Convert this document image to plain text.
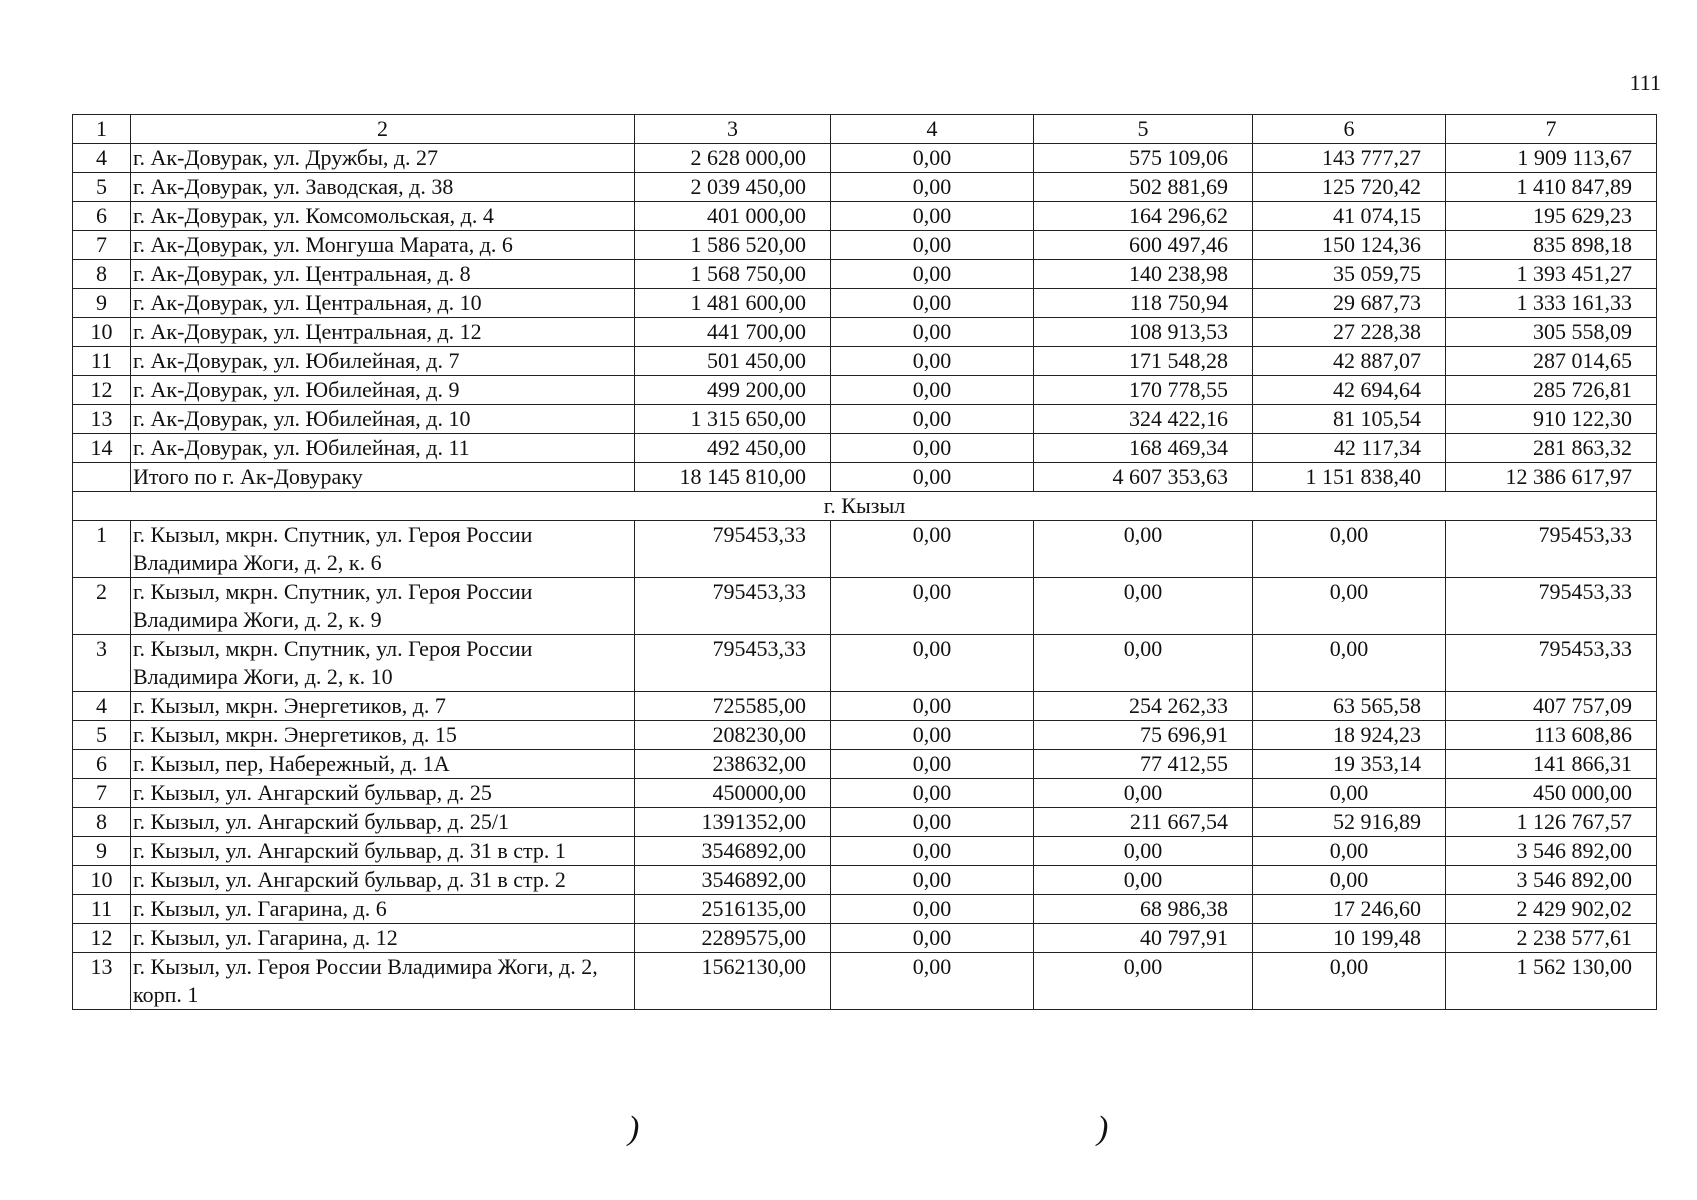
111
1	2	3	4	5	6	7
4	г. Ак-Довурак, ул. Дружбы, д. 27	2 628 000,00	0,00	575 109,06	143 777,27	1 909 113,67
5	г. Ак-Довурак, ул. Заводская, д. 38	2 039 450,00	0,00	502 881,69	125 720,42	1 410 847,89
6	г. Ак-Довурак, ул. Комсомольская, д. 4	401 000,00	0,00	164 296,62	41 074,15	195 629,23
7	г. Ак-Довурак, ул. Монгуша Марата, д. 6	1 586 520,00	0,00	600 497,46	150 124,36	835 898,18
8	г. Ак-Довурак, ул. Центральная, д. 8	1 568 750,00	0,00	140 238,98	35 059,75	1 393 451,27
9	г. Ак-Довурак, ул. Центральная, д. 10	1 481 600,00	0,00	118 750,94	29 687,73	1 333 161,33
10	г. Ак-Довурак, ул. Центральная, д. 12	441 700,00	0,00	108 913,53	27 228,38	305 558,09
11	г. Ак-Довурак, ул. Юбилейная, д. 7	501 450,00	0,00	171 548,28	42 887,07	287 014,65
12	г. Ак-Довурак, ул. Юбилейная, д. 9	499 200,00	0,00	170 778,55	42 694,64	285 726,81
13	г. Ак-Довурак, ул. Юбилейная, д. 10	1 315 650,00	0,00	324 422,16	81 105,54	910 122,30
14	г. Ак-Довурак, ул. Юбилейная, д. 11	492 450,00	0,00	168 469,34	42 117,34	281 863,32
	Итого по г. Ак-Довураку	18 145 810,00	0,00	4 607 353,63	1 151 838,40	12 386 617,97
г. Кызыл						
1	г. Кызыл, мкрн. Спутник, ул. Героя России Владимира Жоги, д. 2, к. 6	795453,33	0,00	0,00	0,00	795453,33
2	г. Кызыл, мкрн. Спутник, ул. Героя России Владимира Жоги, д. 2, к. 9	795453,33	0,00	0,00	0,00	795453,33
3	г. Кызыл, мкрн. Спутник, ул. Героя России Владимира Жоги, д. 2, к. 10	795453,33	0,00	0,00	0,00	795453,33
4	г. Кызыл, мкрн. Энергетиков, д. 7	725585,00	0,00	254 262,33	63 565,58	407 757,09
5	г. Кызыл, мкрн. Энергетиков, д. 15	208230,00	0,00	75 696,91	18 924,23	113 608,86
6	г. Кызыл, пер, Набережный, д. 1А	238632,00	0,00	77 412,55	19 353,14	141 866,31
7	г. Кызыл, ул. Ангарский бульвар, д. 25	450000,00	0,00	0,00	0,00	450 000,00
8	г. Кызыл, ул. Ангарский бульвар, д. 25/1	1391352,00	0,00	211 667,54	52 916,89	1 126 767,57
9	г. Кызыл, ул. Ангарский бульвар, д. 31 в стр. 1	3546892,00	0,00	0,00	0,00	3 546 892,00
10	г. Кызыл, ул. Ангарский бульвар, д. 31 в стр. 2	3546892,00	0,00	0,00	0,00	3 546 892,00
11	г. Кызыл, ул. Гагарина, д. 6	2516135,00	0,00	68 986,38	17 246,60	2 429 902,02
12	г. Кызыл, ул. Гагарина, д. 12	2289575,00	0,00	40 797,91	10 199,48	2 238 577,61
13	г. Кызыл, ул. Героя России Владимира Жоги, д. 2, корп. 1	1562130,00	0,00	0,00	0,00	1 562 130,00
)	)
